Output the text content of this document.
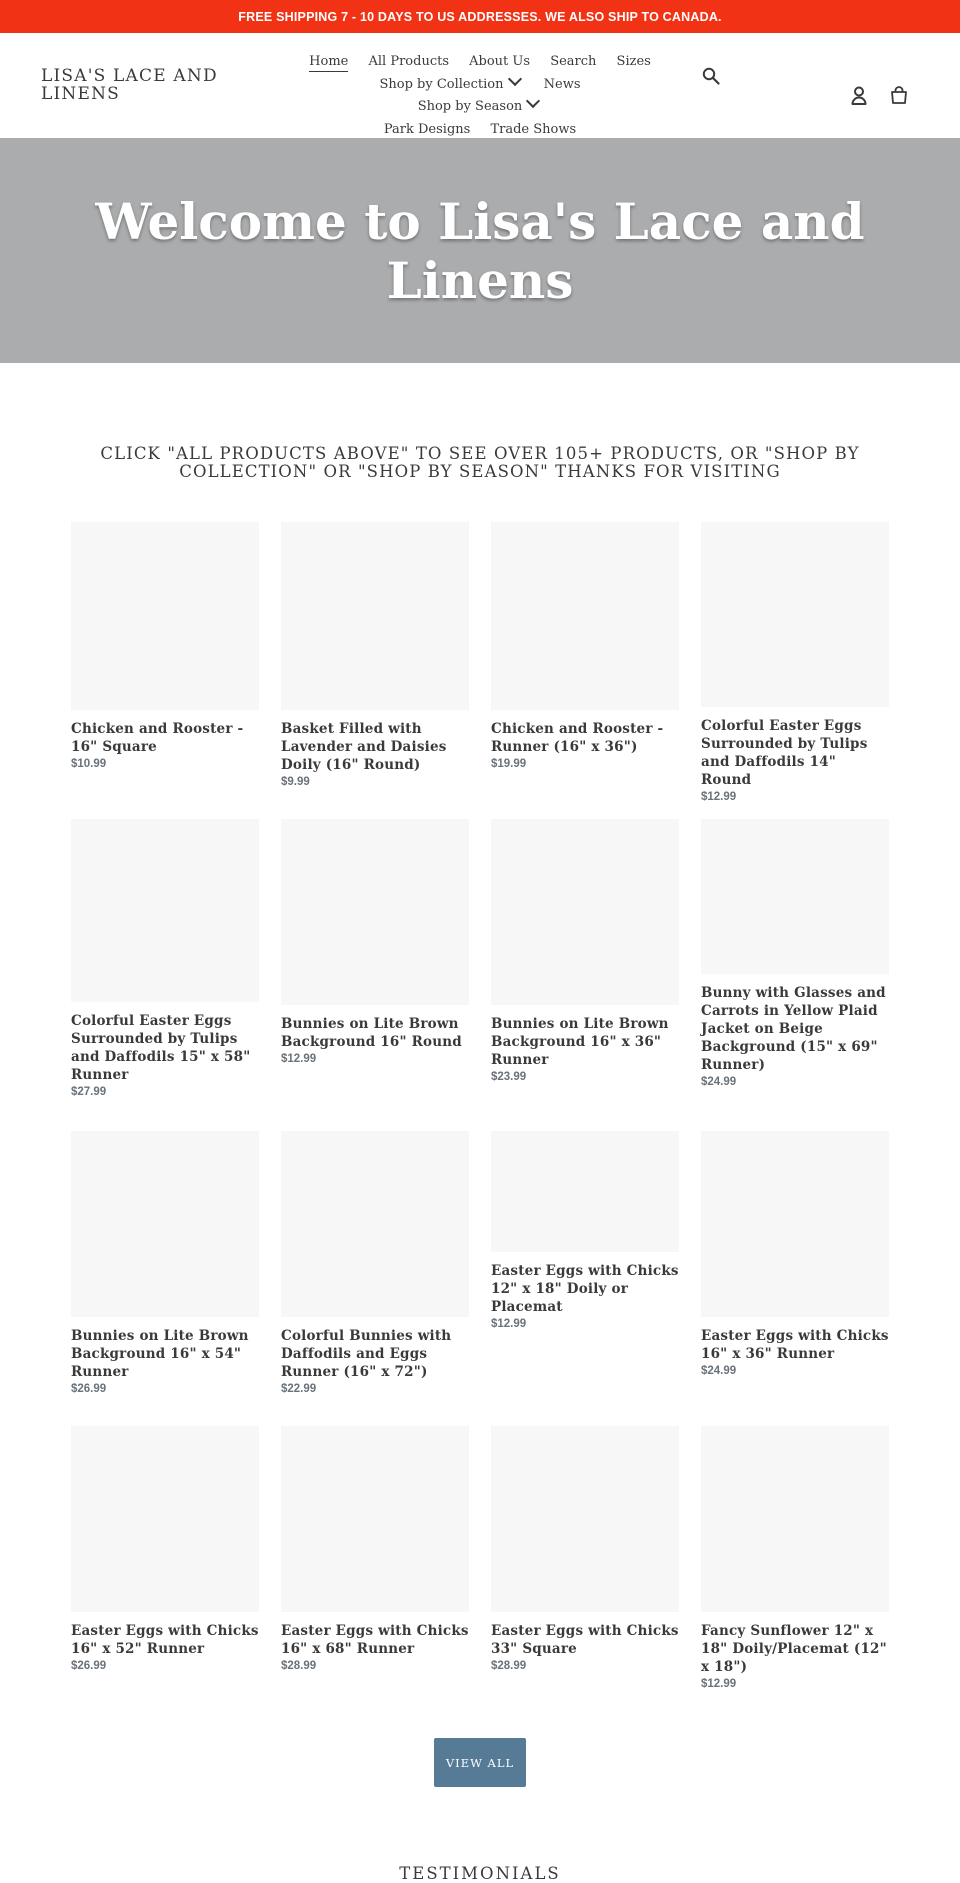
FREE SHIPPING 7 - 10 DAYS TO US ADDRESSES. WE ALSO SHIP TO CANADA.
LISA'S LACE AND LINENS
Home All Products About Us Search Sizes
Shop by Collection	News Shop by Season
Park Designs Trade Shows
Welcome to Lisa's Lace and Linens
CLICK "ALL PRODUCTS ABOVE" TO SEE OVER 105+ PRODUCTS, OR "SHOP BY COLLECTION" OR "SHOP BY SEASON" THANKS FOR VISITING
Chicken and Rooster - 16" Square
$10.99
Basket Filled with Lavender and Daisies Doily (16" Round)
$9.99
Chicken and Rooster - Runner (16" x 36")
$19.99
Colorful Easter Eggs Surrounded by Tulips and Daffodils 14" Round
$12.99
Colorful Easter Eggs Surrounded by Tulips and Daffodils 15" x 58" Runner
$27.99
Bunnies on Lite Brown Background 16" Round
$12.99
Bunnies on Lite Brown Background 16" x 36" Runner
$23.99
Bunny with Glasses and Carrots in Yellow Plaid Jacket on Beige Background (15" x 69" Runner)
$24.99
Bunnies on Lite Brown Background 16" x 54" Runner
$26.99
Colorful Bunnies with Daffodils and Eggs Runner (16" x 72")
$22.99
Easter Eggs with Chicks 12" x 18" Doily or Placemat
$12.99
Easter Eggs with Chicks 16" x 36" Runner
$24.99
Easter Eggs with Chicks 16" x 52" Runner
$26.99
Easter Eggs with Chicks 16" x 68" Runner
$28.99
Easter Eggs with Chicks 33" Square
$28.99
Fancy Sunflower 12" x 18" Doily/Placemat (12" x 18")
$12.99
VIEW ALL
TESTIMONIALS
